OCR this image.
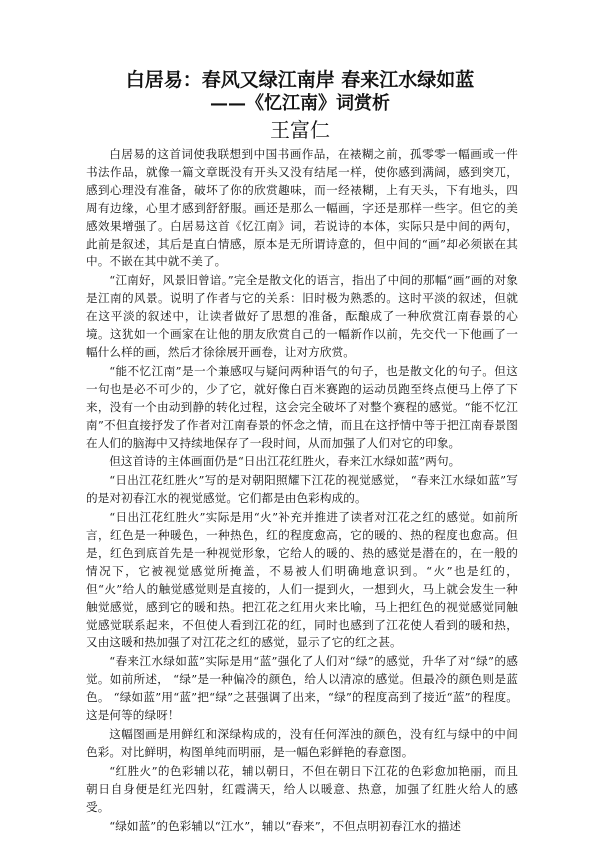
白居易：春风又绿江南岸 春来江水绿如蓝
——《忆江南》词赏析
王富仁

白居易的这首词使我联想到中国书画作品，在裱糊之前，孤零零一幅画或一件书法作品，就像一篇文章既没有开头又没有结尾一样，使你感到满阔，感到突兀，感到心理没有准备，破坏了你的欣赏趣味，而一经裱糊，上有天头，下有地头，四周有边缘，心里才感到舒舒服。画还是那么一幅画，字还是那样一些字。但它的美感效果增强了。白居易这首《忆江南》词，若说诗的本体，实际只是中间的两句，此前是叙述，其后是直白情感，原本是无所谓诗意的，但中间的“画”却必须嵌在其中。不嵌在其中就不美了。

“江南好，风景旧曾谙。”完全是散文化的语言，指出了中间的那幅“画”画的对象是江南的风景。说明了作者与它的关系：旧时极为熟悉的。这时平淡的叙述，但就在这平淡的叙述中，让读者做好了思想的准备，酝酿成了一种欣赏江南春景的心境。这犹如一个画家在让他的朋友欣赏自己的一幅新作以前，先交代一下他画了一幅什么样的画，然后才徐徐展开画卷，让对方欣赏。

“能不忆江南”是一个兼感叹与疑问两种语气的句子，也是散文化的句子。但这一句也是必不可少的，少了它，就好像白百米赛跑的运动员跑至终点便马上停了下来，没有一个由动到静的转化过程，这会完全破坏了对整个赛程的感觉。“能不忆江南”不但直接抒发了作者对江南春景的怀念之情，而且在这抒情中等于把江南春景图在人们的脑海中又持续地保存了一段时间，从而加强了人们对它的印象。

但这首诗的主体画面仍是“日出江花红胜火，春来江水绿如蓝”两句。

“日出江花红胜火”写的是对朝阳照耀下江花的视觉感觉， “春来江水绿如蓝”写的是对初春江水的视觉感觉。它们都是由色彩构成的。

“日出江花红胜火”实际是用“火”补充并推进了读者对江花之红的感觉。如前所言，红色是一种暖色，一种热色，红的程度愈高，它的暖的、热的程度也愈高。但是，红色到底首先是一种视觉形象，它给人的暖的、热的感觉是潜在的，在一般的情况下，它被视觉感觉所掩盖，不易被人们明确地意识到。“火”也是红的，但“火”给人的触觉感觉则是直接的，人们一提到火，一想到火，马上就会发生一种触觉感觉，感到它的暖和热。把江花之红用火来比喻，马上把红色的视觉感觉同触觉感觉联系起来，不但使人看到江花的红，同时也感到了江花使人看到的暖和热，又由这暖和热加强了对江花之红的感觉，显示了它的红之甚。

“春来江水绿如蓝”实际是用“蓝”强化了人们对“绿”的感觉，升华了对“绿”的感觉。如前所述， “绿”是一种偏冷的颜色，给人以清凉的感觉。但最冷的颜色则是蓝色。 “绿如蓝”用“蓝”把“绿”之甚强调了出来，“绿”的程度高到了接近“蓝”的程度。这是何等的绿呀！

这幅图画是用鲜红和深绿构成的，没有任何浑浊的颜色，没有红与绿中的中间色彩。对比鲜明，构图单纯而明丽，是一幅色彩鲜艳的春意图。

“红胜火”的色彩辅以花，辅以朝日，不但在朝日下江花的色彩愈加艳丽，而且朝日自身便是红光四射，红霞满天，给人以暖意、热意，加强了红胜火给人的感受。

“绿如蓝”的色彩辅以“江水”，辅以“春来”，不但点明初春江水的描述
